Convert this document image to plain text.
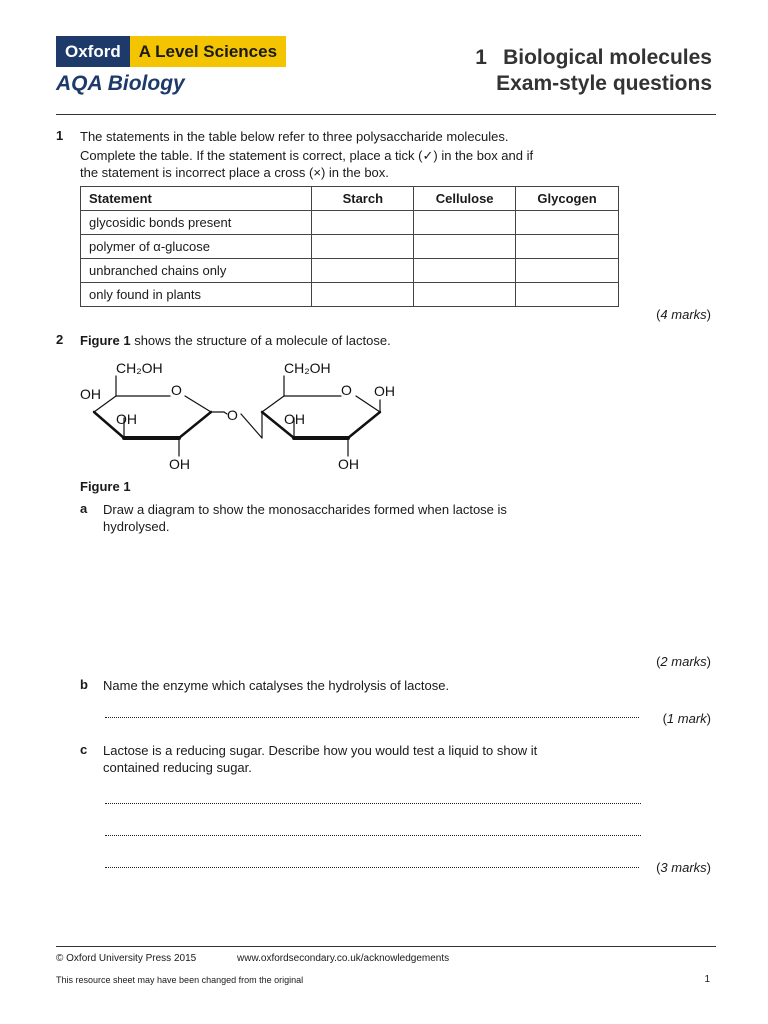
Oxford	A Level Sciences
AQA Biology
1 Biological molecules
Exam-style questions
1 The statements in the table below refer to three polysaccharide molecules.
Complete the table. If the statement is correct, place a tick (✓) in the box and if
the statement is incorrect place a cross (×) in the box.
Statement	Starch	Cellulose	Glycogen
glycosidic bonds present			
polymer of α-glucose			
unbranched chains only			
only found in plants			
(4 marks)
2 Figure 1 shows the structure of a molecule of lactose.
CH₂OH
O
OH
OH
OH
O
CH₂OH
O OH
OH
OH
Figure 1
a Draw a diagram to show the monosaccharides formed when lactose is
hydrolysed.
(2 marks)
b Name the enzyme which catalyses the hydrolysis of lactose.
(1 mark)
c Lactose is a reducing sugar. Describe how you would test a liquid to show it
contained reducing sugar.
(3 marks)
© Oxford University Press 2015	www.oxfordsecondary.co.uk/acknowledgements
This resource sheet may have been changed from the original	1
